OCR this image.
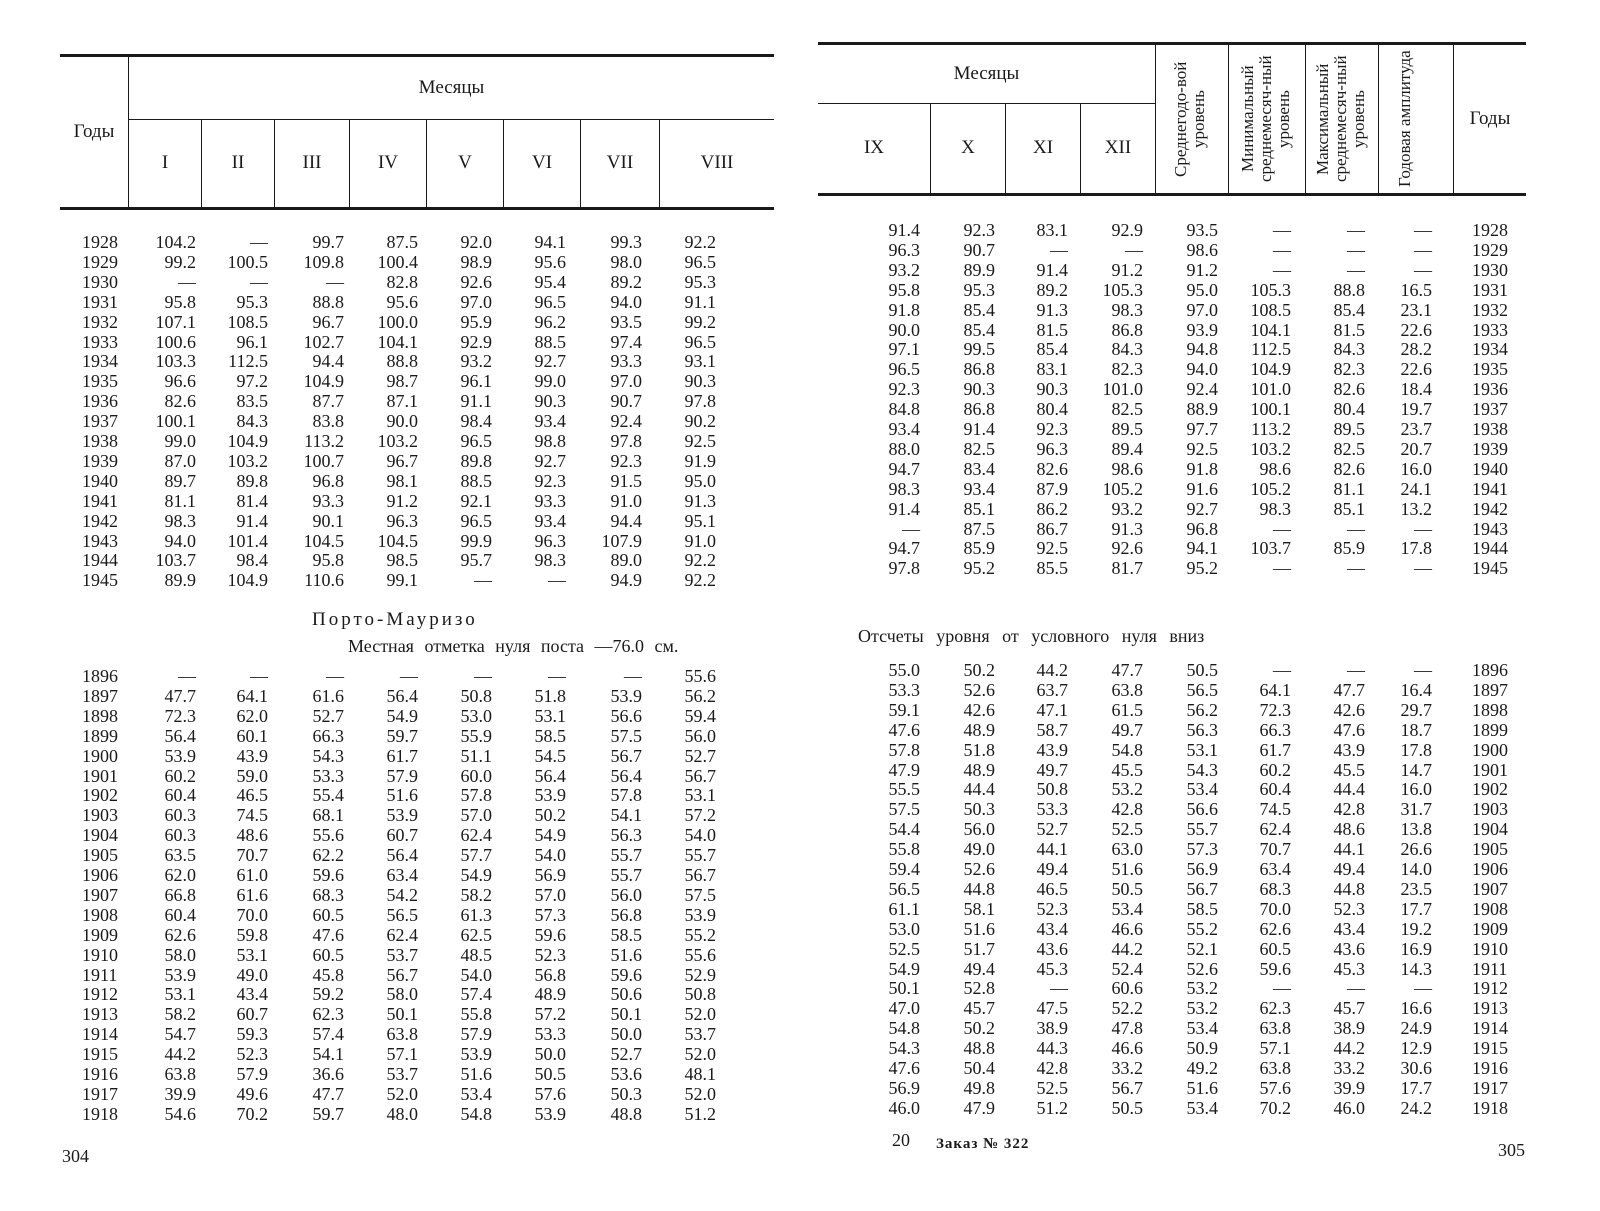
Годы	Месяцы							
	I	II	III	IV	V	VI	VII	VIII
1928 104.2	— 99.7 87.5 92.0 94.1 99.3 92.2
1929	99.2 100.5 109.8 100.4 98.9 95.6 98.0 96.5
1930	—	—	— 82.8 92.6 95.4 89.2 95.3
1931	95.8 95.3 88.8 95.6 97.0 96.5 94.0 91.1
1932 107.1 108.5 96.7 100.0 95.9 96.2 93.5 99.2
1933 100.6 96.1 102.7 104.1 92.9 88.5 97.4 96.5
1934 103.3 112.5 94.4 88.8 93.2 92.7 93.3 93.1
1935	96.6 97.2 104.9 98.7 96.1 99.0 97.0 90.3
1936	82.6 83.5 87.7 87.1 91.1 90.3 90.7 97.8
1937 100.1 84.3 83.8 90.0 98.4 93.4 92.4 90.2
1938	99.0 104.9 113.2 103.2 96.5 98.8 97.8 92.5
1939	87.0 103.2 100.7 96.7 89.8 92.7 92.3 91.9
1940	89.7 89.8 96.8 98.1 88.5 92.3 91.5 95.0
1941	81.1 81.4 93.3 91.2 92.1 93.3 91.0 91.3
1942	98.3 91.4 90.1 96.3 96.5 93.4 94.4 95.1
1943	94.0 101.4 104.5 104.5 99.9 96.3 107.9 91.0
1944 103.7 98.4 95.8 98.5 95.7 98.3 89.0 92.2
1945	89.9 104.9 110.6 99.1	—	— 94.9 92.2
Порто-Мауризо
Местная отметка нуля поста —76.0 см.
1896	—	—	—	—	—	—	— 55.6
1897	47.7 64.1 61.6 56.4 50.8 51.8 53.9 56.2
1898	72.3 62.0 52.7 54.9 53.0 53.1 56.6 59.4
1899	56.4 60.1 66.3 59.7 55.9 58.5 57.5 56.0
1900	53.9 43.9 54.3 61.7 51.1 54.5 56.7 52.7
1901	60.2 59.0 53.3 57.9 60.0 56.4 56.4 56.7
1902	60.4 46.5 55.4 51.6 57.8 53.9 57.8 53.1
1903	60.3 74.5 68.1 53.9 57.0 50.2 54.1 57.2
1904	60.3 48.6 55.6 60.7 62.4 54.9 56.3 54.0
1905	63.5 70.7 62.2 56.4 57.7 54.0 55.7 55.7
1906	62.0 61.0 59.6 63.4 54.9 56.9 55.7 56.7
1907	66.8 61.6 68.3 54.2 58.2 57.0 56.0 57.5
1908	60.4 70.0 60.5 56.5 61.3 57.3 56.8 53.9
1909	62.6 59.8 47.6 62.4 62.5 59.6 58.5 55.2
1910	58.0 53.1 60.5 53.7 48.5 52.3 51.6 55.6
1911	53.9 49.0 45.8 56.7 54.0 56.8 59.6 52.9
1912	53.1 43.4 59.2 58.0 57.4 48.9 50.6 50.8
1913	58.2 60.7 62.3 50.1 55.8 57.2 50.1 52.0
1914	54.7 59.3 57.4 63.8 57.9 53.3 50.0 53.7
1915	44.2 52.3 54.1 57.1 53.9 50.0 52.7 52.0
1916	63.8 57.9 36.6 53.7 51.6 50.5 53.6 48.1
1917	39.9 49.6 47.7 52.0 53.4 57.6 50.3 52.0
1918	54.6 70.2 59.7 48.0 54.8 53.9 48.8 51.2
304
Месяцы				Среднегодо-вой уровень	Минимальный среднемесяч-ный уровень	Максимальный среднемесяч-ный уровень	Годовая амплитуда	Годы
IX	X	XI	XII					
91.4 92.3 83.1 92.9 93.5	—	—	— 1928
96.3 90.7	—	— 98.6	—	—	— 1929
93.2 89.9 91.4 91.2 91.2	—	—	— 1930
95.8 95.3 89.2 105.3 95.0 105.3 88.8 16.5 1931
91.8 85.4 91.3 98.3 97.0 108.5 85.4 23.1 1932
90.0 85.4 81.5 86.8 93.9 104.1 81.5 22.6 1933
97.1 99.5 85.4 84.3 94.8 112.5 84.3 28.2 1934
96.5 86.8 83.1 82.3 94.0 104.9 82.3 22.6 1935
92.3 90.3 90.3 101.0 92.4 101.0 82.6 18.4 1936
84.8 86.8 80.4 82.5 88.9 100.1 80.4 19.7 1937
93.4 91.4 92.3 89.5 97.7 113.2 89.5 23.7 1938
88.0 82.5 96.3 89.4 92.5 103.2 82.5 20.7 1939
94.7 83.4 82.6 98.6 91.8 98.6 82.6 16.0 1940
98.3 93.4 87.9 105.2 91.6 105.2 81.1 24.1 1941
91.4 85.1 86.2 93.2 92.7 98.3 85.1 13.2 1942
— 87.5 86.7 91.3 96.8	—	—	— 1943
94.7 85.9 92.5 92.6 94.1 103.7 85.9 17.8 1944
97.8 95.2 85.5 81.7 95.2	—	—	— 1945
Отсчеты уровня от условного нуля вниз
55.0 50.2 44.2 47.7 50.5	—	—	— 1896
53.3 52.6 63.7 63.8 56.5 64.1 47.7 16.4 1897
59.1 42.6 47.1 61.5 56.2 72.3 42.6 29.7 1898
47.6 48.9 58.7 49.7 56.3 66.3 47.6 18.7 1899
57.8 51.8 43.9 54.8 53.1 61.7 43.9 17.8 1900
47.9 48.9 49.7 45.5 54.3 60.2 45.5 14.7 1901
55.5 44.4 50.8 53.2 53.4 60.4 44.4 16.0 1902
57.5 50.3 53.3 42.8 56.6 74.5 42.8 31.7 1903
54.4 56.0 52.7 52.5 55.7 62.4 48.6 13.8 1904
55.8 49.0 44.1 63.0 57.3 70.7 44.1 26.6 1905
59.4 52.6 49.4 51.6 56.9 63.4 49.4 14.0 1906
56.5 44.8 46.5 50.5 56.7 68.3 44.8 23.5 1907
61.1 58.1 52.3 53.4 58.5 70.0 52.3 17.7 1908
53.0 51.6 43.4 46.6 55.2 62.6 43.4 19.2 1909
52.5 51.7 43.6 44.2 52.1 60.5 43.6 16.9 1910
54.9 49.4 45.3 52.4 52.6 59.6 45.3 14.3 1911
50.1 52.8	— 60.6 53.2	—	—	— 1912
47.0 45.7 47.5 52.2 53.2 62.3 45.7 16.6 1913
54.8 50.2 38.9 47.8 53.4 63.8 38.9 24.9 1914
54.3 48.8 44.3 46.6 50.9 57.1 44.2 12.9 1915
47.6 50.4 42.8 33.2 49.2 63.8 33.2 30.6 1916
56.9 49.8 52.5 56.7 51.6 57.6 39.9 17.7 1917
46.0 47.9 51.2 50.5 53.4 70.2 46.0 24.2 1918
20 Заказ № 322	305
